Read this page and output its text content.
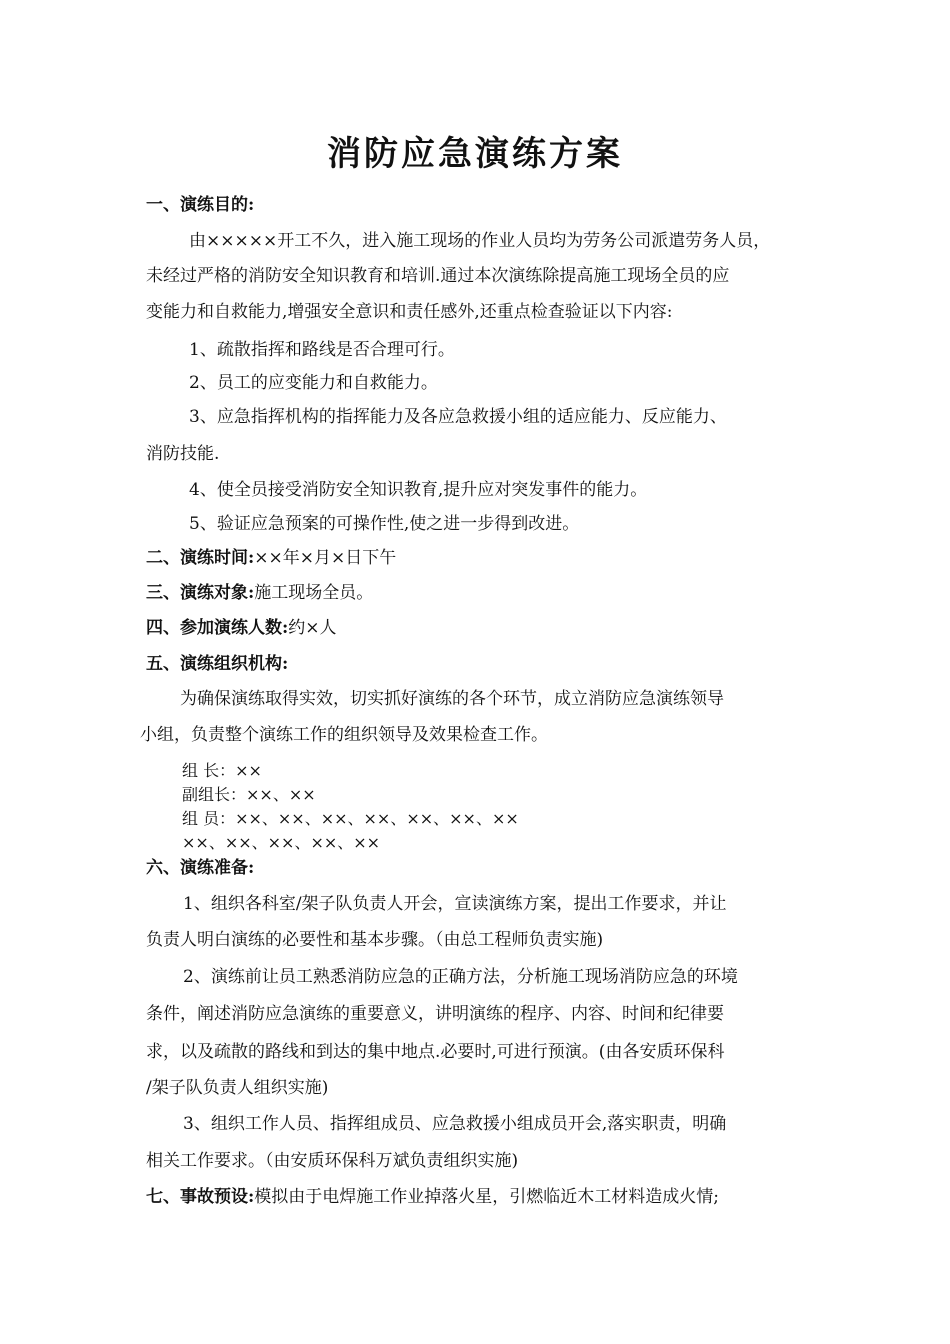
消防应急演练方案
一、演练目的:
由×××××开工不久，进入施工现场的作业人员均为劳务公司派遣劳务人员，
未经过严格的消防安全知识教育和培训.通过本次演练除提高施工现场全员的应
变能力和自救能力,增强安全意识和责任感外,还重点检查验证以下内容:
1、疏散指挥和路线是否合理可行。
2、员工的应变能力和自救能力。
3、应急指挥机构的指挥能力及各应急救援小组的适应能力、反应能力、
消防技能.
4、使全员接受消防安全知识教育,提升应对突发事件的能力。
5、验证应急预案的可操作性,使之进一步得到改进。
二、演练时间:××年×月×日下午
三、演练对象:施工现场全员。
四、参加演练人数:约×人
五、演练组织机构:
为确保演练取得实效，切实抓好演练的各个环节，成立消防应急演练领导
小组，负责整个演练工作的组织领导及效果检查工作。
组 长：××
副组长：××、××
组 员：××、××、××、××、××、××、××
××、××、××、××、××
六、演练准备:
1、组织各科室/架子队负责人开会，宣读演练方案，提出工作要求，并让
负责人明白演练的必要性和基本步骤。（由总工程师负责实施)
2、演练前让员工熟悉消防应急的正确方法，分析施工现场消防应急的环境
条件，阐述消防应急演练的重要意义，讲明演练的程序、内容、时间和纪律要
求，以及疏散的路线和到达的集中地点.必要时,可进行预演。(由各安质环保科
/架子队负责人组织实施)
3、组织工作人员、指挥组成员、应急救援小组成员开会,落实职责，明确
相关工作要求。（由安质环保科万斌负责组织实施)
七、事故预设:模拟由于电焊施工作业掉落火星，引燃临近木工材料造成火情;
